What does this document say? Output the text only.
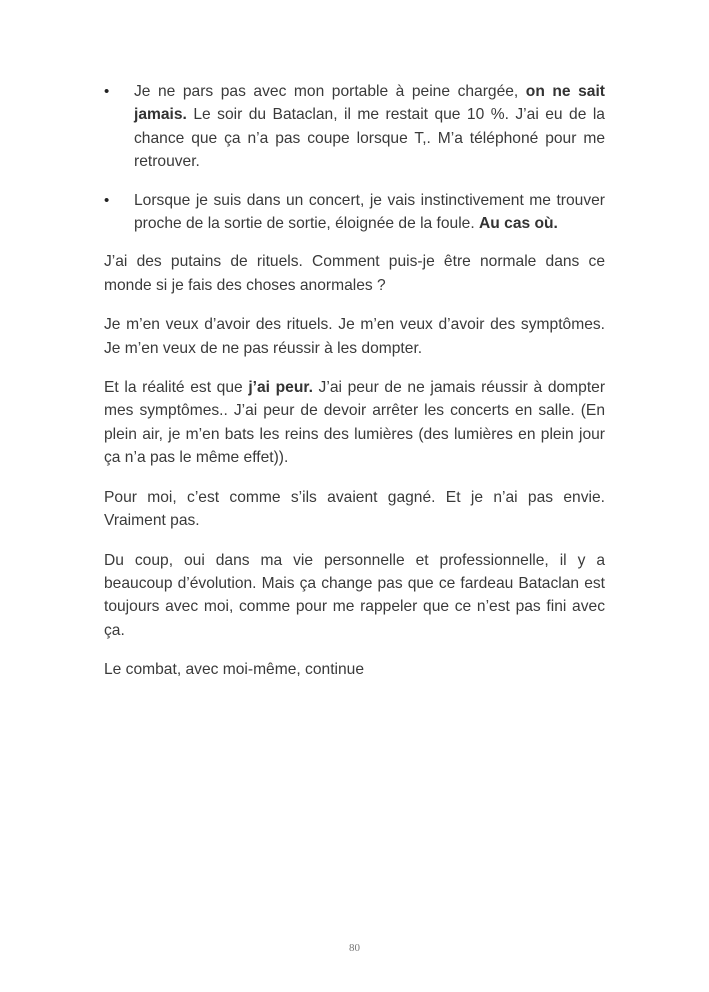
•	Je ne pars pas avec mon portable à peine chargée, on ne sait jamais. Le soir du Bataclan, il me restait que 10 %. J’ai eu de la chance que ça n’a pas coupe lorsque T,. M’a téléphoné pour me retrouver.
•	Lorsque je suis dans un concert, je vais instinctivement me trouver proche de la sortie de sortie, éloignée de la foule. Au cas où.

J’ai des putains de rituels. Comment puis-je être normale dans ce monde si je fais des choses anormales ?

Je m’en veux d’avoir des rituels. Je m’en veux d’avoir des symptômes. Je m’en veux de ne pas réussir à les dompter.

Et la réalité est que j’ai peur. J’ai peur de ne jamais réussir à dompter mes symptômes.. J’ai peur de devoir arrêter les concerts en salle. (En plein air, je m’en bats les reins des lumières (des lumières en plein jour ça n’a pas le même effet)).

Pour moi, c’est comme s’ils avaient gagné. Et je n’ai pas envie. Vraiment pas.

Du coup, oui dans ma vie personnelle et professionnelle, il y a beaucoup d’évolution. Mais ça change pas que ce fardeau Bataclan est toujours avec moi, comme pour me rappeler que ce n’est pas fini avec ça.

Le combat, avec moi-même, continue

80
